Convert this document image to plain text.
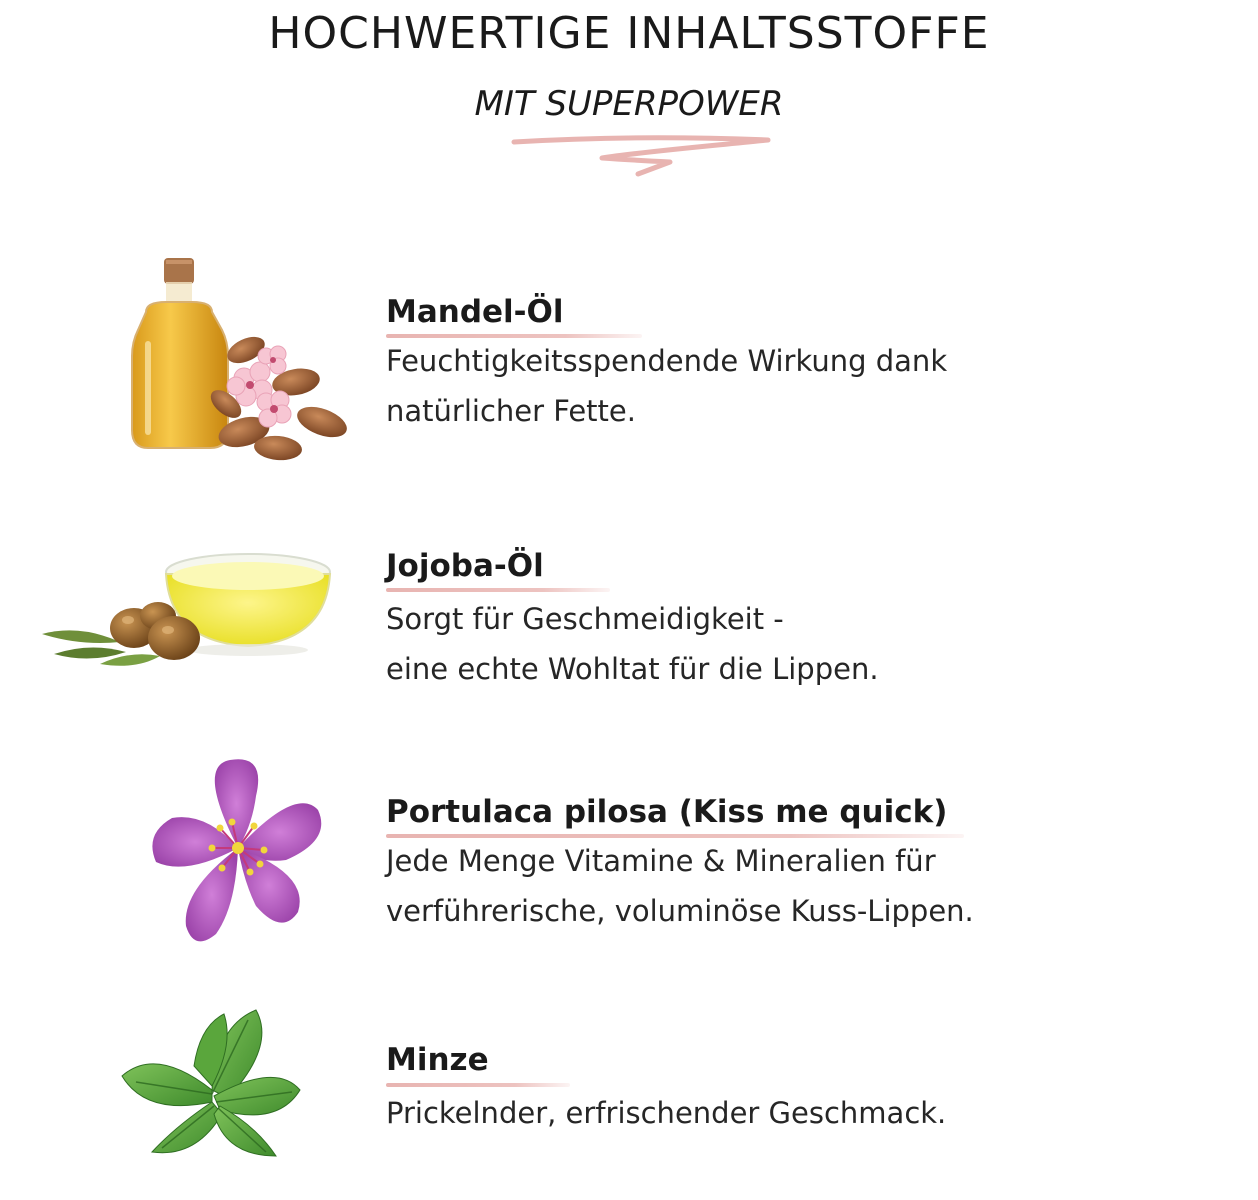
HOCHWERTIGE INHALTSSTOFFE
MIT SUPERPOWER
Mandel-Öl
Feuchtigkeitsspendende Wirkung dank
natürlicher Fette.
Jojoba-Öl
Sorgt für Geschmeidigkeit -
eine echte Wohltat für die Lippen.
Portulaca pilosa (Kiss me quick)
Jede Menge Vitamine & Mineralien für
verführerische, voluminöse Kuss-Lippen.
Minze
Prickelnder, erfrischender Geschmack.
